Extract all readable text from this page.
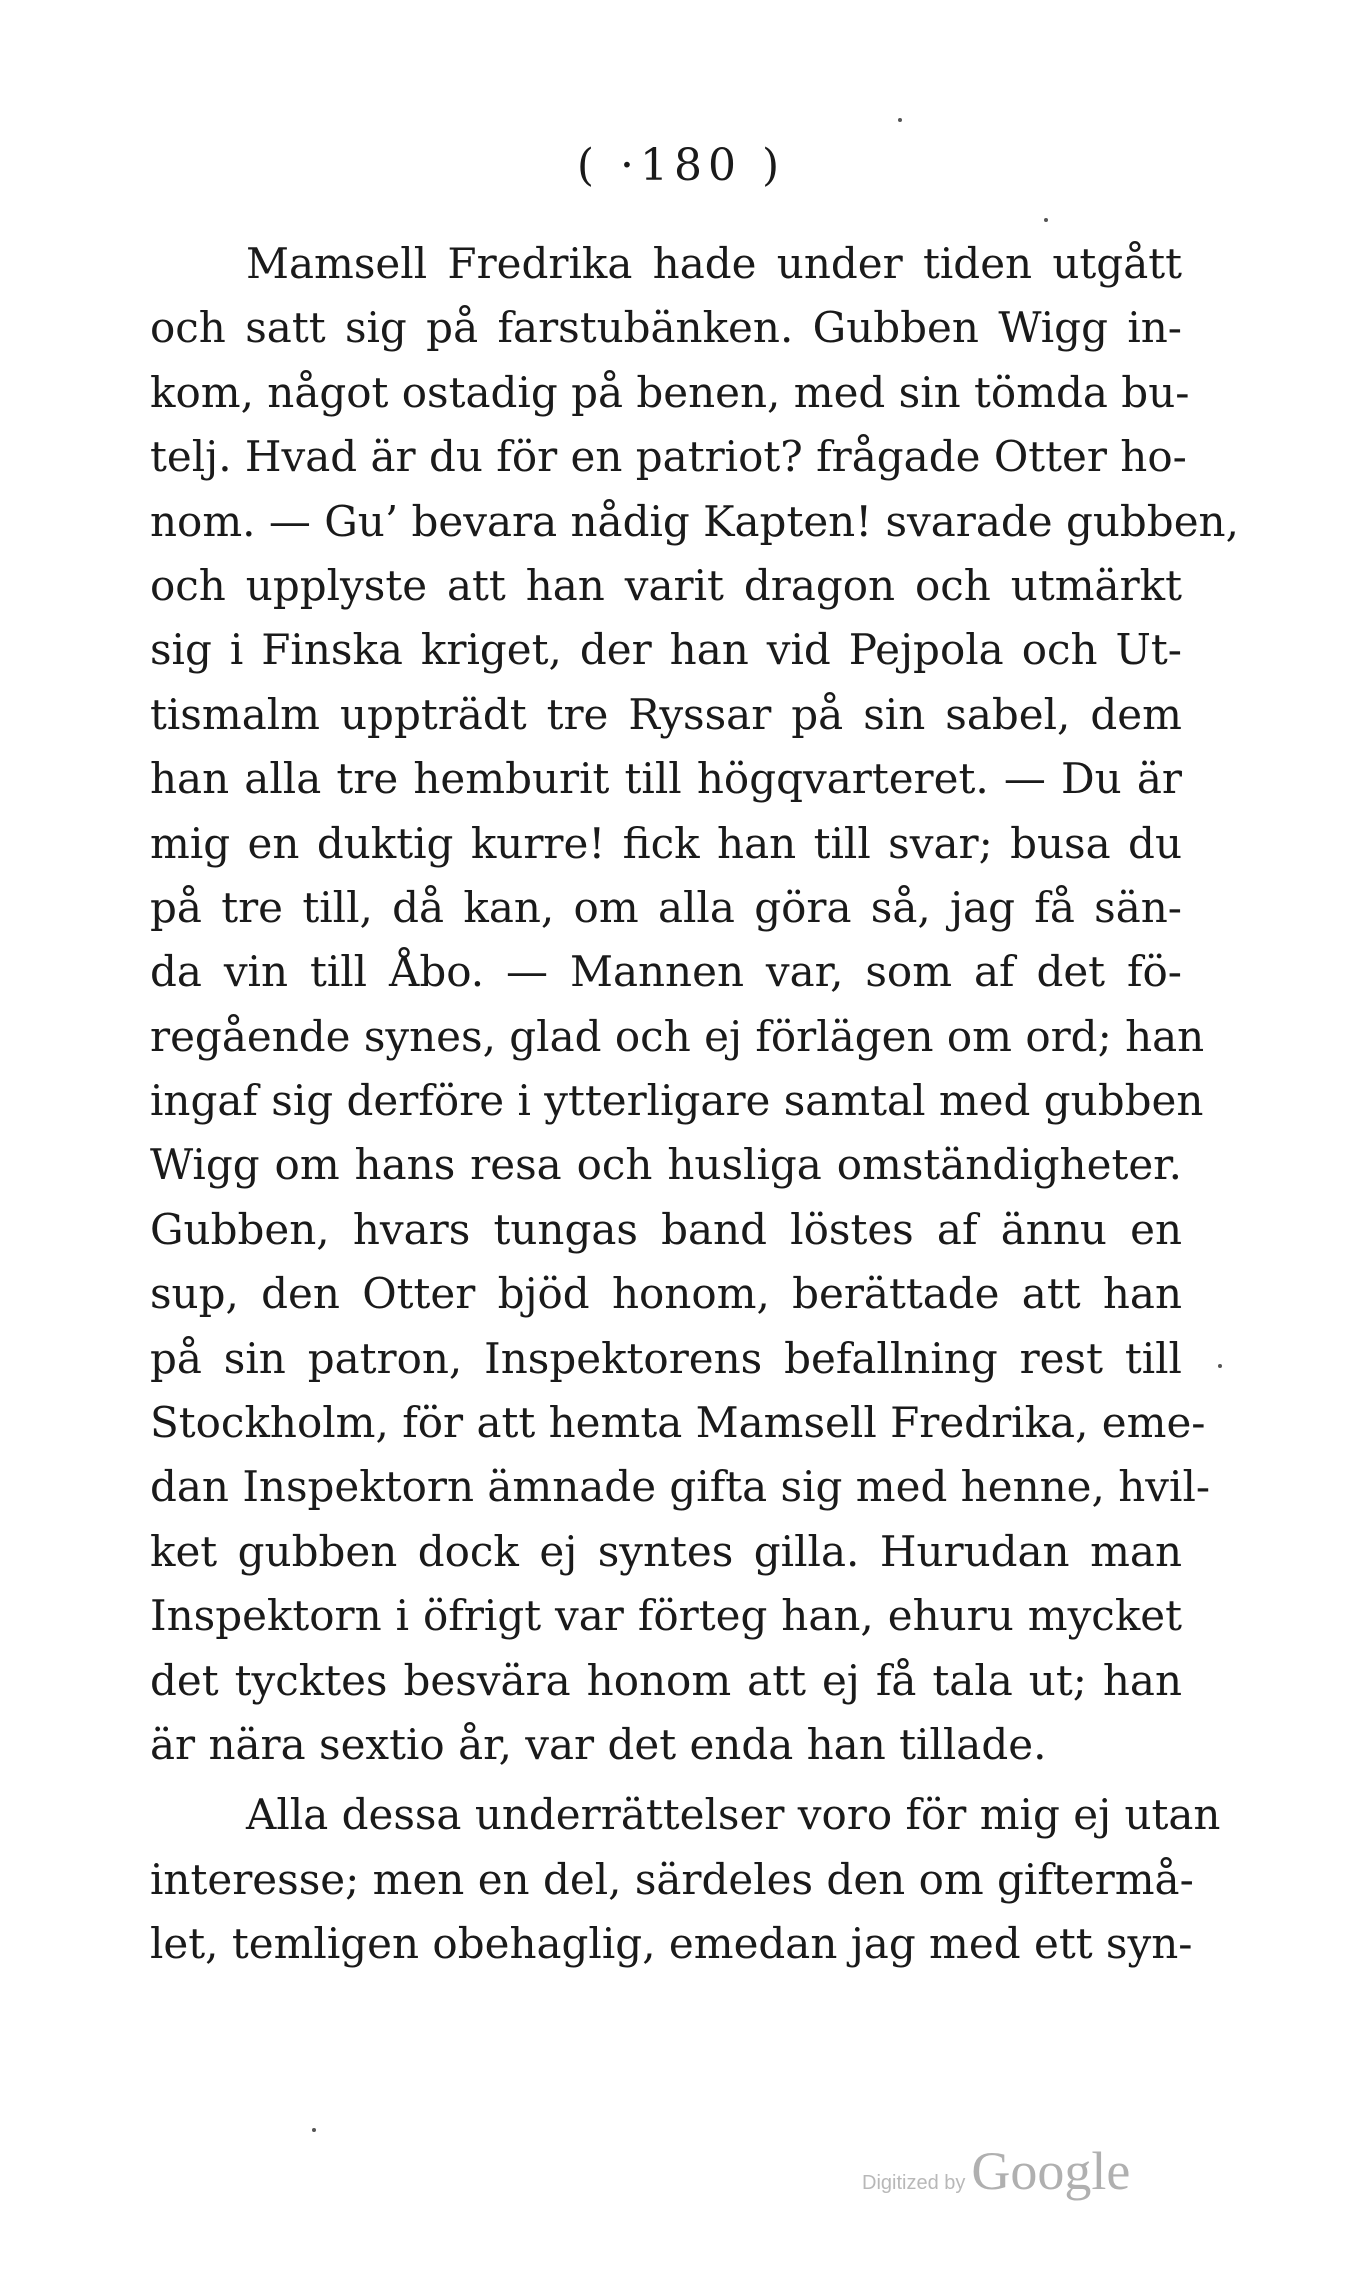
( ·180 )
Mamsell Fredrika hade under tiden utgått
och satt sig på farstubänken. Gubben Wigg in-
kom, något ostadig på benen, med sin tömda bu-
telj. Hvad är du för en patriot? frågade Otter ho-
nom. — Gu’ bevara nådig Kapten! svarade gubben,
och upplyste att han varit dragon och utmärkt
sig i Finska kriget, der han vid Pejpola och Ut-
tismalm uppträdt tre Ryssar på sin sabel, dem
han alla tre hemburit till högqvarteret. — Du är
mig en duktig kurre! fick han till svar; busa du
på tre till, då kan, om alla göra så, jag få sän-
da vin till Åbo. — Mannen var, som af det fö-
regående synes, glad och ej förlägen om ord; han
ingaf sig derföre i ytterligare samtal med gubben
Wigg om hans resa och husliga omständigheter.
Gubben, hvars tungas band löstes af ännu en
sup, den Otter bjöd honom, berättade att han
på sin patron, Inspektorens befallning rest till
Stockholm, för att hemta Mamsell Fredrika, eme-
dan Inspektorn ämnade gifta sig med henne, hvil-
ket gubben dock ej syntes gilla. Hurudan man
Inspektorn i öfrigt var förteg han, ehuru mycket
det tycktes besvära honom att ej få tala ut; han
är nära sextio år, var det enda han tillade.
Alla dessa underrättelser voro för mig ej utan
interesse; men en del, särdeles den om giftermå-
let, temligen obehaglig, emedan jag med ett syn-
Digitized by Google
